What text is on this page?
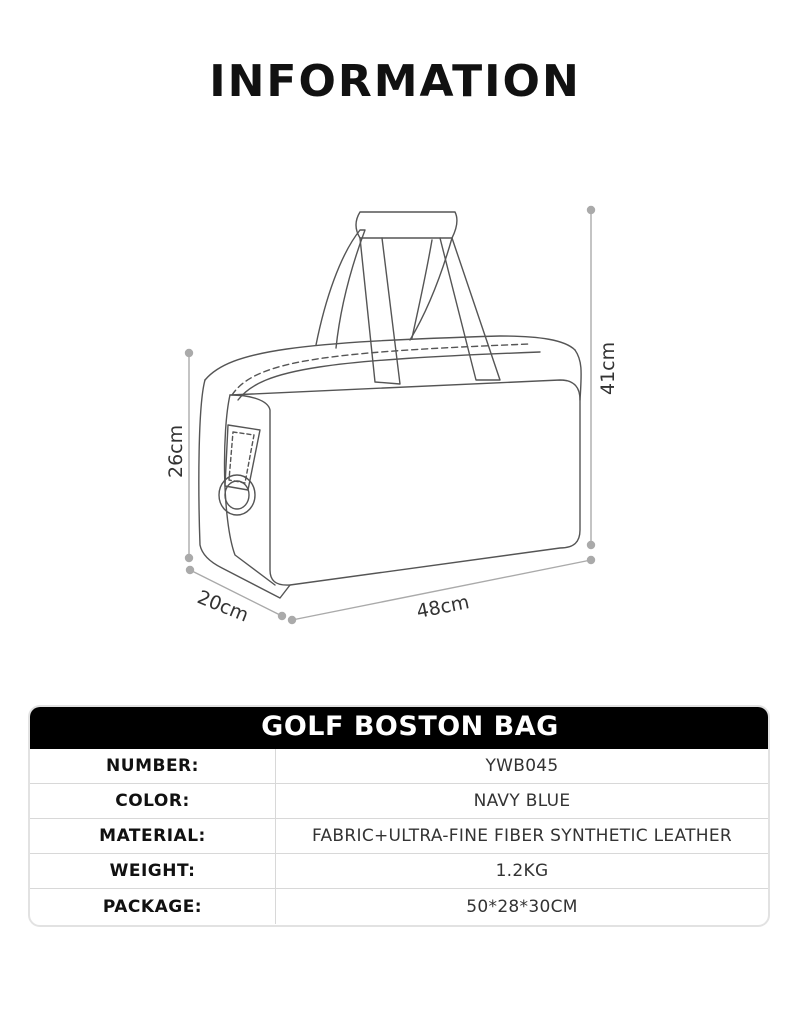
INFORMATION
26cm
41cm
20cm	48cm
GOLF BOSTON BAG
NUMBER:	YWB045
COLOR:	NAVY BLUE
MATERIAL:	FABRIC+ULTRA-FINE FIBER SYNTHETIC LEATHER
WEIGHT:	1.2KG
PACKAGE:	50*28*30CM
